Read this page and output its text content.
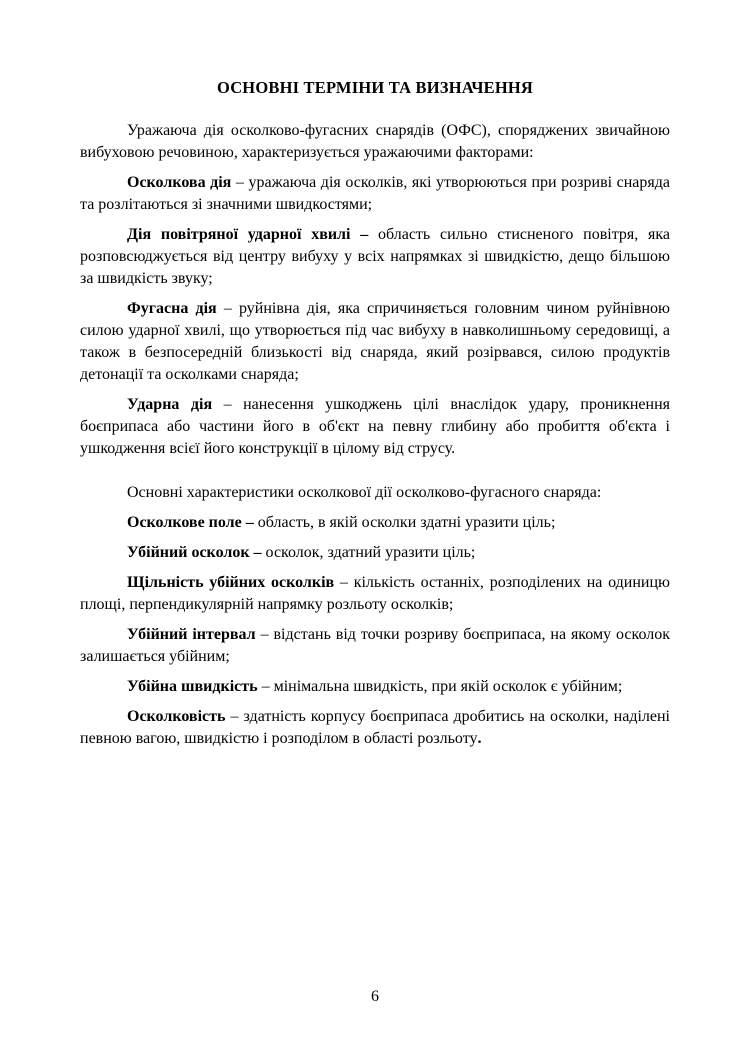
ОСНОВНІ ТЕРМІНИ ТА ВИЗНАЧЕННЯ

Уражаюча дія осколково-фугасних снарядів (ОФС), споряджених звичайною вибуховою речовиною, характеризується уражаючими факторами:

Осколкова дія – уражаюча дія осколків, які утворюються при розриві снаряда та розлітаються зі значними швидкостями;

Дія повітряної ударної хвилі – область сильно стисненого повітря, яка розповсюджується від центру вибуху у всіх напрямках зі швидкістю, дещо більшою за швидкість звуку;

Фугасна дія – руйнівна дія, яка спричиняється головним чином руйнівною силою ударної хвилі, що утворюється під час вибуху в навколишньому середовищі, а також в безпосередній близькості від снаряда, який розірвався, силою продуктів детонації та осколками снаряда;

Ударна дія – нанесення ушкоджень цілі внаслідок удару, проникнення боєприпаса або частини його в об'єкт на певну глибину або пробиття об'єкта і ушкодження всієї його конструкції в цілому від струсу.

Основні характеристики осколкової дії осколково-фугасного снаряда:

Осколкове поле – область, в якій осколки здатні уразити ціль;

Убійний осколок – осколок, здатний уразити ціль;

Щільність убійних осколків – кількість останніх, розподілених на одиницю площі, перпендикулярній напрямку розльоту осколків;

Убійний інтервал – відстань від точки розриву боєприпаса, на якому осколок залишається убійним;

Убійна швидкість – мінімальна швидкість, при якій осколок є убійним;

Осколковість – здатність корпусу боєприпаса дробитись на осколки, наділені певною вагою, швидкістю і розподілом в області розльоту.

6
